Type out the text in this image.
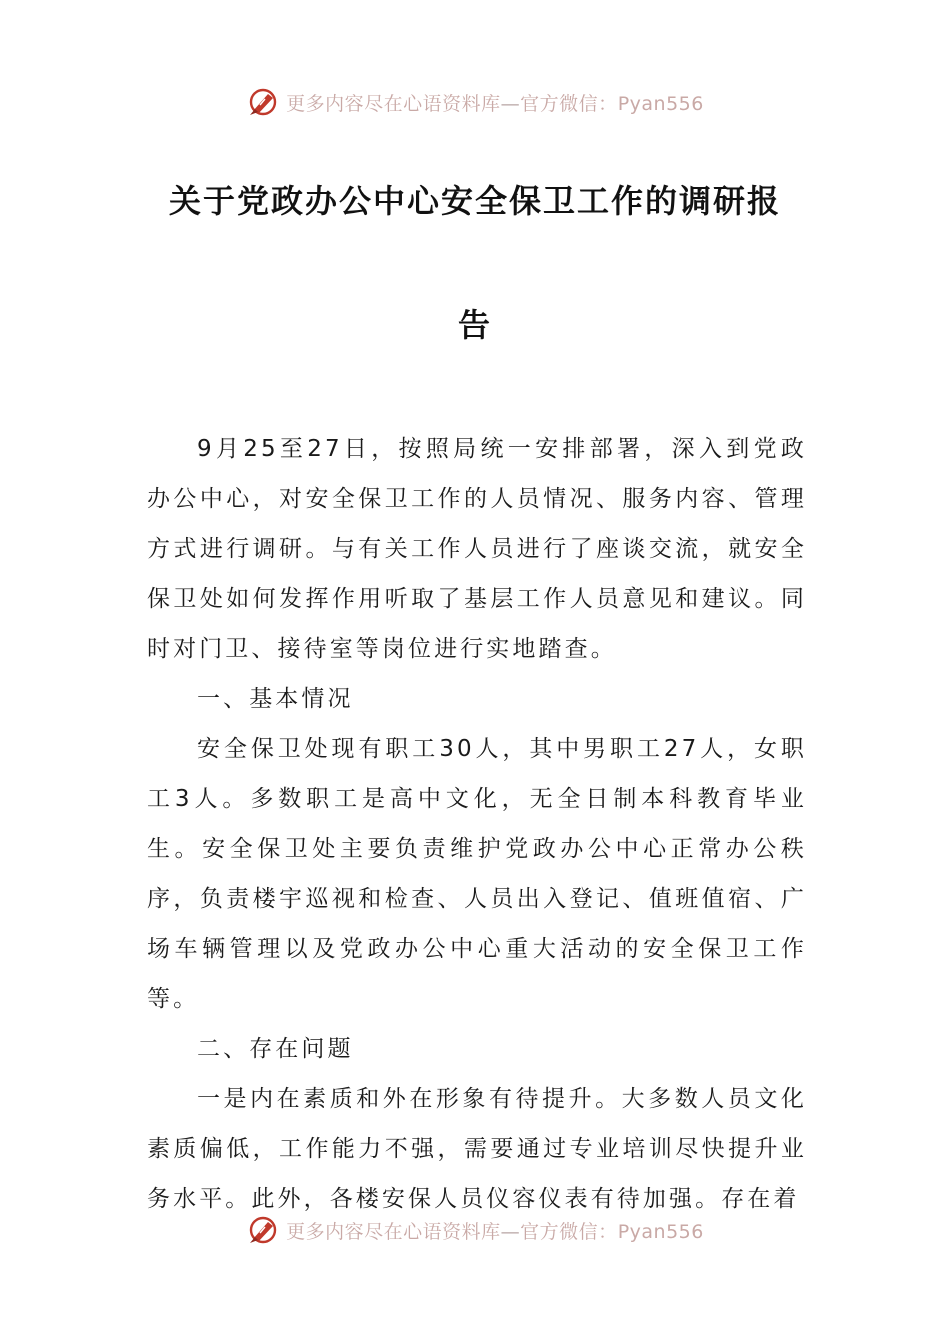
更多内容尽在心语资料库—官方微信：Pyan556
关于党政办公中心安全保卫工作的调研报
告

9月25至27日，按照局统一安排部署，深入到党政办公中心，对安全保卫工作的人员情况、服务内容、管理方式进行调研。与有关工作人员进行了座谈交流，就安全保卫处如何发挥作用听取了基层工作人员意见和建议。同时对门卫、接待室等岗位进行实地踏查。

一、基本情况

安全保卫处现有职工30人，其中男职工27人，女职工3人。多数职工是高中文化，无全日制本科教育毕业生。安全保卫处主要负责维护党政办公中心正常办公秩序，负责楼宇巡视和检查、人员出入登记、值班值宿、广场车辆管理以及党政办公中心重大活动的安全保卫工作等。

二、存在问题

一是内在素质和外在形象有待提升。大多数人员文化素质偏低，工作能力不强，需要通过专业培训尽快提升业务水平。此外，各楼安保人员仪容仪表有待加强。存在着

更多内容尽在心语资料库—官方微信：Pyan556
